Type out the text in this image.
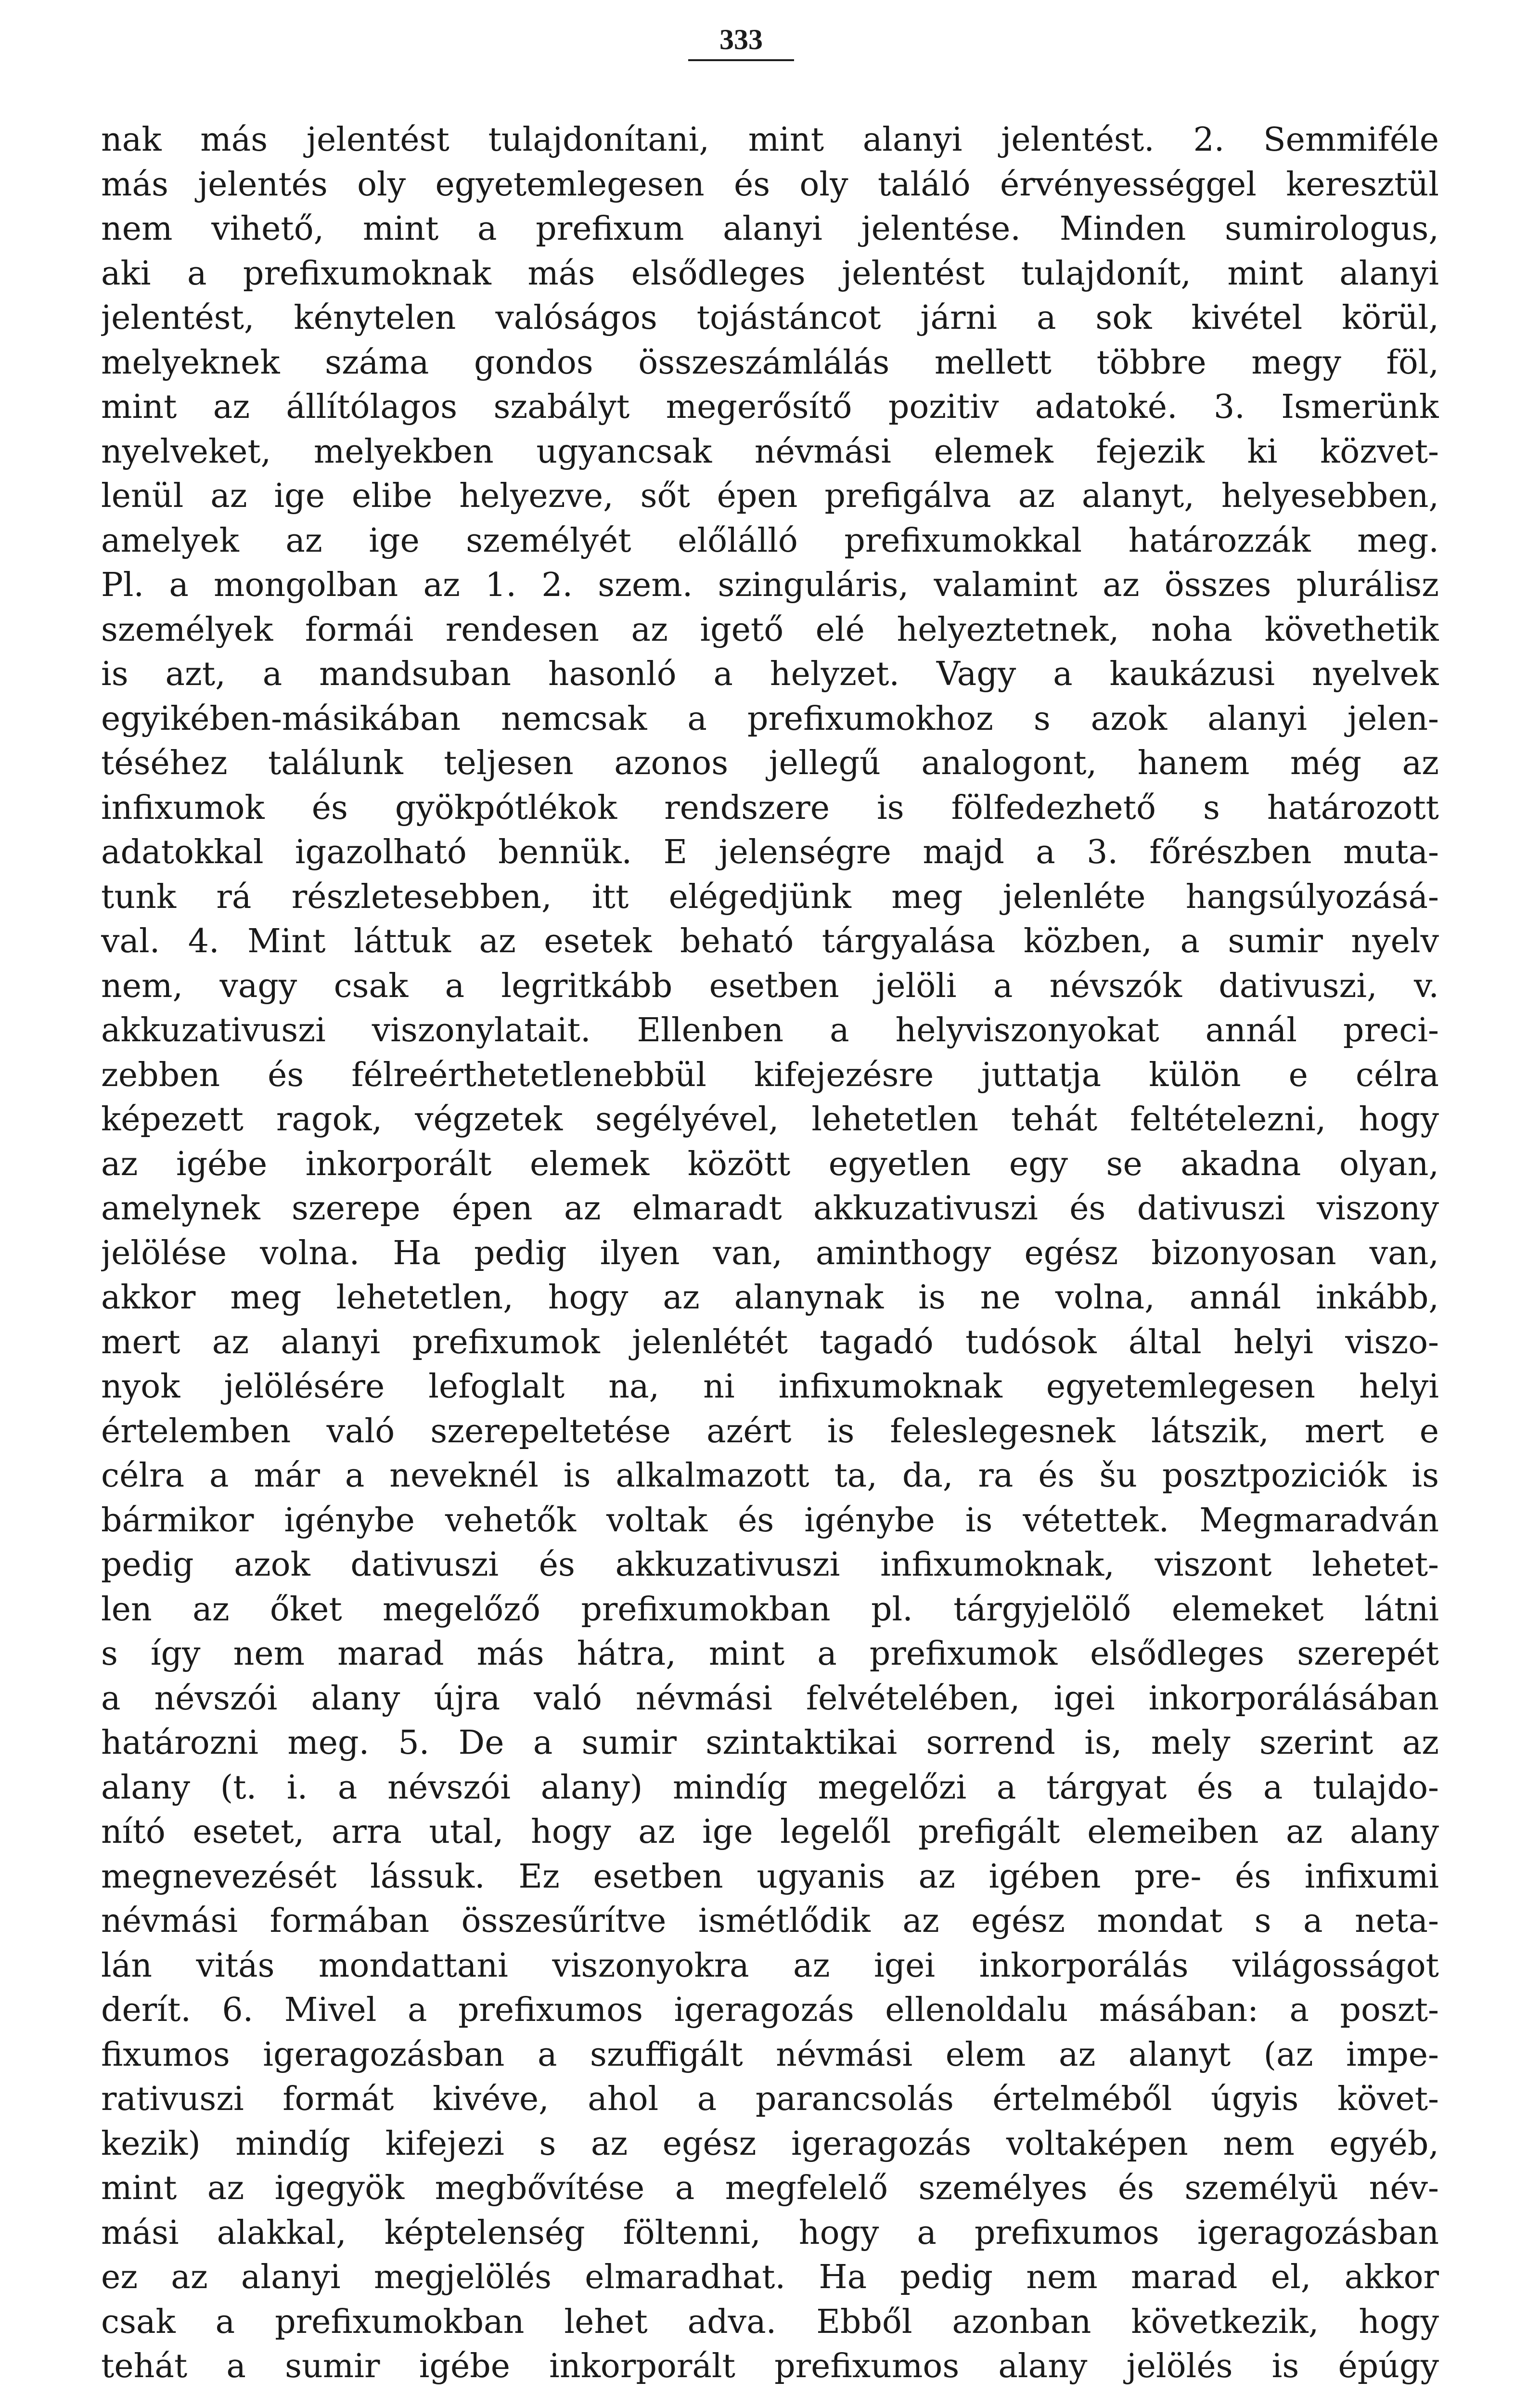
333
nak más jelentést tulajdonítani, mint alanyi jelentést. 2. Semmiféle
más jelentés oly egyetemlegesen és oly találó érvényességgel keresztül
nem vihető, mint a prefixum alanyi jelentése. Minden sumirologus,
aki a prefixumoknak más elsődleges jelentést tulajdonít, mint alanyi
jelentést, kénytelen valóságos tojástáncot járni a sok kivétel körül,
melyeknek száma gondos összeszámlálás mellett többre megy föl,
mint az állítólagos szabályt megerősítő pozitiv adatoké. 3. Ismerünk
nyelveket, melyekben ugyancsak névmási elemek fejezik ki közvet-
lenül az ige elibe helyezve, sőt épen prefigálva az alanyt, helyesebben,
amelyek az ige személyét előlálló prefixumokkal határozzák meg.
Pl. a mongolban az 1. 2. szem. szinguláris, valamint az összes plurálisz
személyek formái rendesen az igető elé helyeztetnek, noha követhetik
is azt, a mandsuban hasonló a helyzet. Vagy a kaukázusi nyelvek
egyikében-másikában nemcsak a prefixumokhoz s azok alanyi jelen-
téséhez találunk teljesen azonos jellegű analogont, hanem még az
infixumok és gyökpótlékok rendszere is fölfedezhető s határozott
adatokkal igazolható bennük. E jelenségre majd a 3. főrészben muta-
tunk rá részletesebben, itt elégedjünk meg jelenléte hangsúlyozásá-
val. 4. Mint láttuk az esetek beható tárgyalása közben, a sumir nyelv
nem, vagy csak a legritkább esetben jelöli a névszók dativuszi, v.
akkuzativuszi viszonylatait. Ellenben a helyviszonyokat annál preci-
zebben és félreérthetetlenebbül kifejezésre juttatja külön e célra
képezett ragok, végzetek segélyével, lehetetlen tehát feltételezni, hogy
az igébe inkorporált elemek között egyetlen egy se akadna olyan,
amelynek szerepe épen az elmaradt akkuzativuszi és dativuszi viszony
jelölése volna. Ha pedig ilyen van, aminthogy egész bizonyosan van,
akkor meg lehetetlen, hogy az alanynak is ne volna, annál inkább,
mert az alanyi prefixumok jelenlétét tagadó tudósok által helyi viszo-
nyok jelölésére lefoglalt na, ni infixumoknak egyetemlegesen helyi
értelemben való szerepeltetése azért is feleslegesnek látszik, mert e
célra a már a neveknél is alkalmazott ta, da, ra és šu posztpoziciók is
bármikor igénybe vehetők voltak és igénybe is vétettek. Megmaradván
pedig azok dativuszi és akkuzativuszi infixumoknak, viszont lehetet-
len az őket megelőző prefixumokban pl. tárgyjelölő elemeket látni
s így nem marad más hátra, mint a prefixumok elsődleges szerepét
a névszói alany újra való névmási felvételében, igei inkorporálásában
határozni meg. 5. De a sumir szintaktikai sorrend is, mely szerint az
alany (t. i. a névszói alany) mindíg megelőzi a tárgyat és a tulajdo-
nító esetet, arra utal, hogy az ige legelől prefigált elemeiben az alany
megnevezését lássuk. Ez esetben ugyanis az igében pre- és infixumi
névmási formában összesűrítve ismétlődik az egész mondat s a neta-
lán vitás mondattani viszonyokra az igei inkorporálás világosságot
derít. 6. Mivel a prefixumos igeragozás ellenoldalu másában: a poszt-
fixumos igeragozásban a szuffigált névmási elem az alanyt (az impe-
rativuszi formát kivéve, ahol a parancsolás értelméből úgyis követ-
kezik) mindíg kifejezi s az egész igeragozás voltaképen nem egyéb,
mint az igegyök megbővítése a megfelelő személyes és személyü név-
mási alakkal, képtelenség föltenni, hogy a prefixumos igeragozásban
ez az alanyi megjelölés elmaradhat. Ha pedig nem marad el, akkor
csak a prefixumokban lehet adva. Ebből azonban következik, hogy
tehát a sumir igébe inkorporált prefixumos alany jelölés is épúgy
